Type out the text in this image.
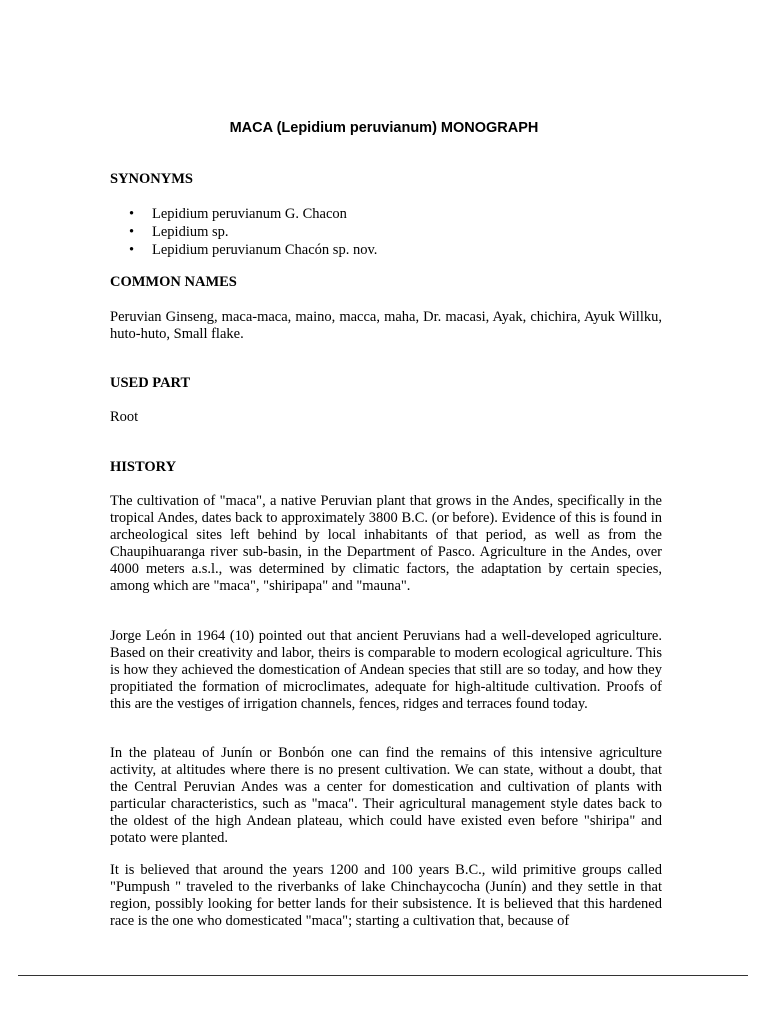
MACA (Lepidium peruvianum) MONOGRAPH
SYNONYMS
• Lepidium peruvianum G. Chacon
• Lepidium sp.
• Lepidium peruvianum Chacón sp. nov.
COMMON NAMES

Peruvian Ginseng, maca-maca, maino, macca, maha, Dr. macasi, Ayak, chichira, Ayuk Willku, huto-huto, Small flake.

USED PART

Root

HISTORY

The cultivation of "maca", a native Peruvian plant that grows in the Andes, specifically in the tropical Andes, dates back to approximately 3800 B.C. (or before). Evidence of this is found in archeological sites left behind by local inhabitants of that period, as well as from the Chaupihuaranga river sub-basin, in the Department of Pasco. Agriculture in the Andes, over 4000 meters a.s.l., was determined by climatic factors, the adaptation by certain species, among which are "maca", "shiripapa" and "mauna".

Jorge León in 1964 (10) pointed out that ancient Peruvians had a well-developed agriculture. Based on their creativity and labor, theirs is comparable to modern ecological agriculture. This is how they achieved the domestication of Andean species that still are so today, and how they propitiated the formation of microclimates, adequate for high-altitude cultivation. Proofs of this are the vestiges of irrigation channels, fences, ridges and terraces found today.

In the plateau of Junín or Bonbón one can find the remains of this intensive agriculture activity, at altitudes where there is no present cultivation. We can state, without a doubt, that the Central Peruvian Andes was a center for domestication and cultivation of plants with particular characteristics, such as "maca". Their agricultural management style dates back to the oldest of the high Andean plateau, which could have existed even before "shiripa" and potato were planted.

It is believed that around the years 1200 and 100 years B.C., wild primitive groups called "Pumpush " traveled to the riverbanks of lake Chinchaycocha (Junín) and they settle in that region, possibly looking for better lands for their subsistence. It is believed that this hardened race is the one who domesticated "maca"; starting a cultivation that, because of
